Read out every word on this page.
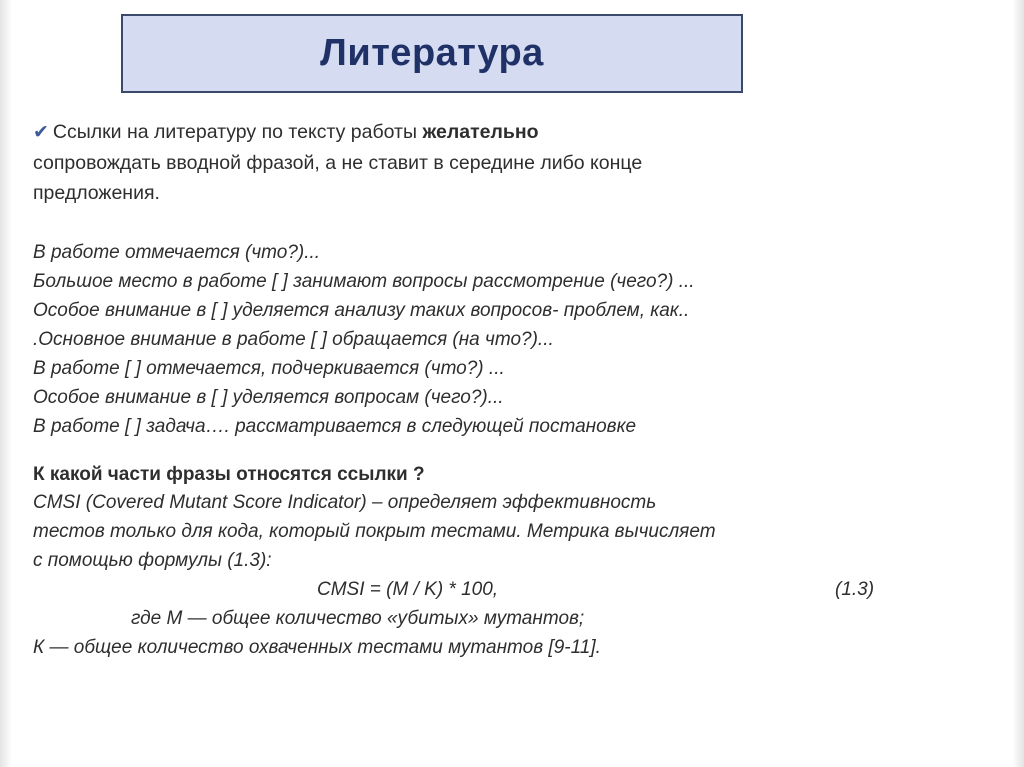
Литература
✔ Ссылки на литературу по тексту работы желательно
сопровождать вводной фразой, а не ставит в середине либо конце
предложения.
В работе отмечается (что?)...
Большое место в работе [ ] занимают вопросы рассмотрение (чего?) ...
Особое внимание в [ ] уделяется анализу таких вопросов- проблем, как..
.Основное внимание в работе [ ] обращается (на что?)...
В работе [ ] отмечается, подчеркивается (что?) ...
Особое внимание в [ ] уделяется вопросам (чего?)...
В работе [ ] задача…. рассматривается в следующей постановке
К какой части фразы относятся ссылки ?
CMSI (Covered Mutant Score Indicator) – определяет эффективность
тестов только для кода, который покрыт тестами. Метрика вычисляет
с помощью формулы (1.3):
CMSI = (M / K) * 100,	(1.3)
где M — общее количество «убитых» мутантов;
К — общее количество охваченных тестами мутантов [9-11].
